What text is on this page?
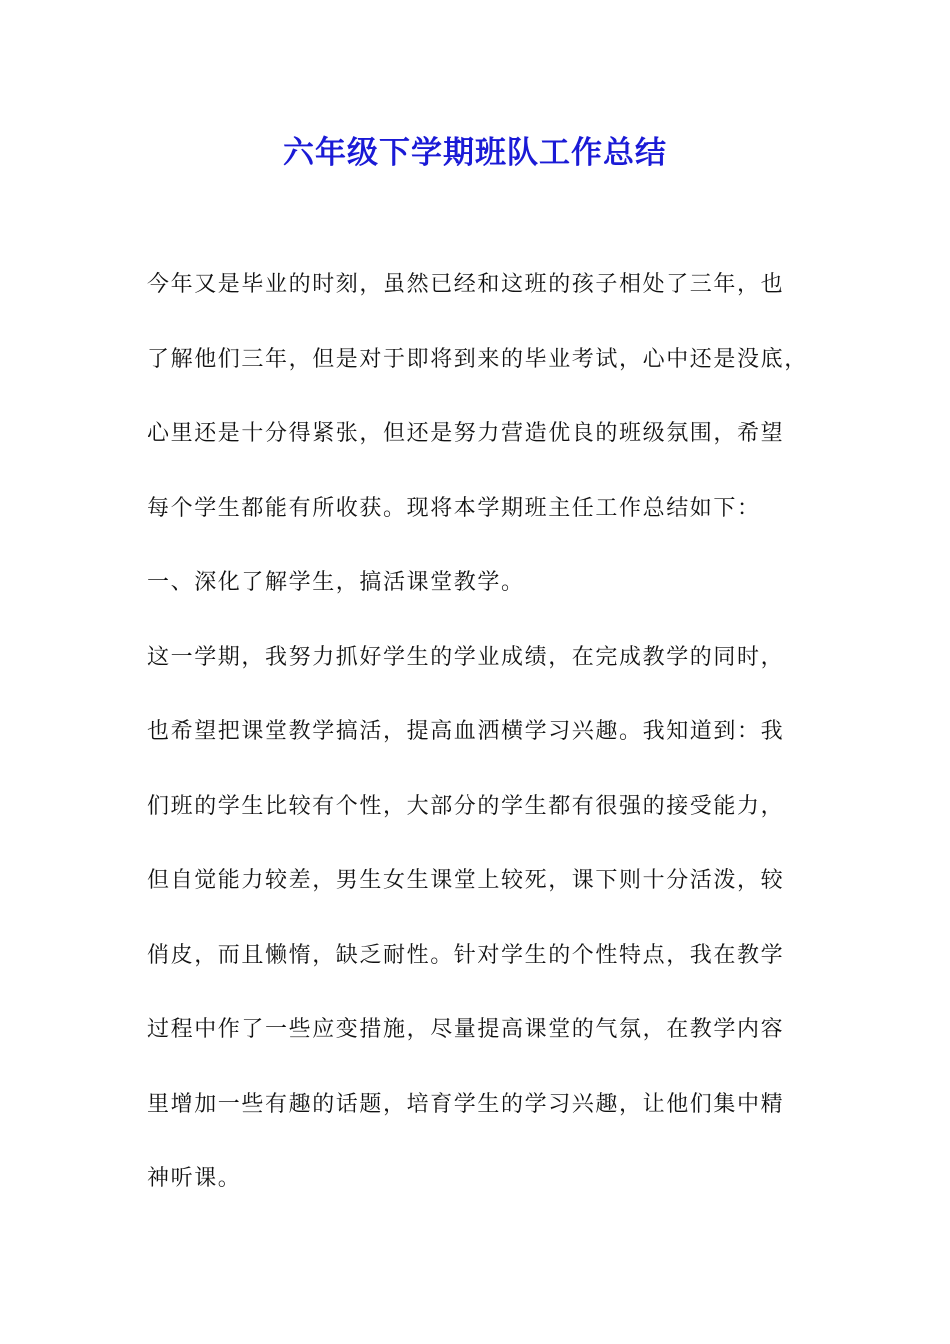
六年级下学期班队工作总结
今年又是毕业的时刻，虽然已经和这班的孩子相处了三年，也
了解他们三年，但是对于即将到来的毕业考试，心中还是没底，
心里还是十分得紧张，但还是努力营造优良的班级氛围，希望
每个学生都能有所收获。现将本学期班主任工作总结如下：
一、深化了解学生，搞活课堂教学。
这一学期，我努力抓好学生的学业成绩，在完成教学的同时，
也希望把课堂教学搞活，提高血洒横学习兴趣。我知道到：我
们班的学生比较有个性，大部分的学生都有很强的接受能力，
但自觉能力较差，男生女生课堂上较死，课下则十分活泼，较
俏皮，而且懒惰，缺乏耐性。针对学生的个性特点，我在教学
过程中作了一些应变措施，尽量提高课堂的气氛，在教学内容
里增加一些有趣的话题，培育学生的学习兴趣，让他们集中精
神听课。
